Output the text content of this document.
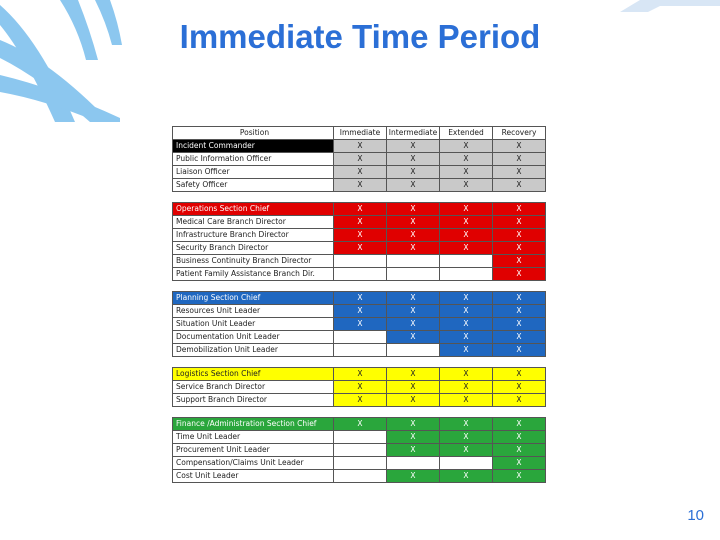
Immediate Time Period
Position	Immediate	Intermediate	Extended	Recovery
Incident Commander	X	X	X	X
Public Information Officer	X	X	X	X
Liaison Officer	X	X	X	X
Safety Officer	X	X	X	X

Operations Section Chief	X	X	X	X
Medical Care Branch Director	X	X	X	X
Infrastructure Branch Director	X	X	X	X
Security Branch Director	X	X	X	X
Business Continuity Branch Director				X
Patient Family Assistance Branch Dir.				X

Planning Section Chief	X	X	X	X
Resources Unit Leader	X	X	X	X
Situation Unit Leader	X	X	X	X
Documentation Unit Leader		X	X	X
Demobilization Unit Leader			X	X

Logistics Section Chief	X	X	X	X
Service Branch Director	X	X	X	X
Support Branch Director	X	X	X	X

Finance /Administration Section Chief	X	X	X	X
Time Unit Leader		X	X	X
Procurement Unit Leader		X	X	X
Compensation/Claims Unit Leader				X
Cost Unit Leader		X	X	X
10
